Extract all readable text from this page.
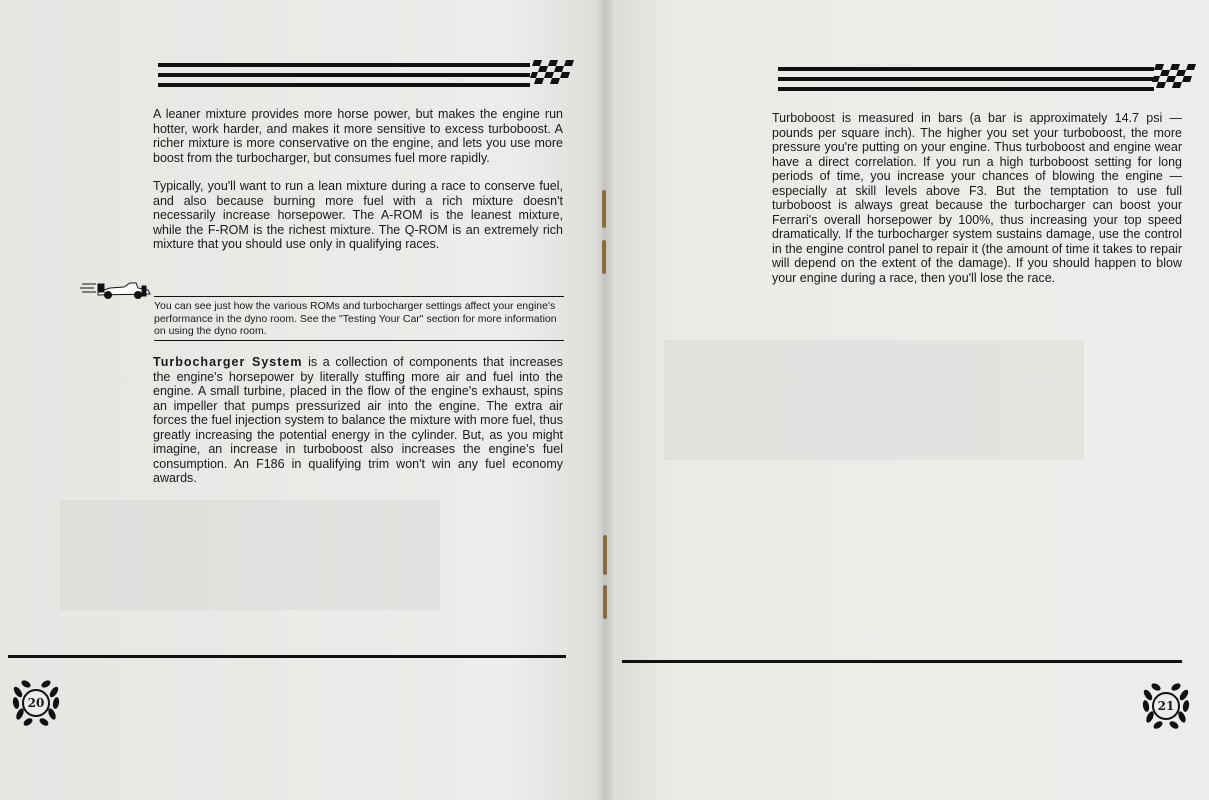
A leaner mixture provides more horse power, but makes the engine run hotter, work harder, and makes it more sensitive to excess turboboost. A richer mixture is more conservative on the engine, and lets you use more boost from the turbocharger, but consumes fuel more rapidly.

Typically, you'll want to run a lean mixture during a race to conserve fuel, and also because burning more fuel with a rich mixture doesn't necessarily increase horsepower. The A-ROM is the leanest mixture, while the F-ROM is the richest mixture. The Q-ROM is an extremely rich mixture that you should use only in qualifying races.

You can see just how the various ROMs and turbocharger settings affect your engine's performance in the dyno room. See the "Testing Your Car" section for more information on using the dyno room.

Turbocharger System is a collection of components that increases the engine's horsepower by literally stuffing more air and fuel into the engine. A small turbine, placed in the flow of the engine's exhaust, spins an impeller that pumps pressurized air into the engine. The extra air forces the fuel injection system to balance the mixture with more fuel, thus greatly increasing the potential energy in the cylinder. But, as you might imagine, an increase in turboboost also increases the engine's fuel consumption. An F186 in qualifying trim won't win any fuel economy awards.

20

Turboboost is measured in bars (a bar is approximately 14.7 psi — pounds per square inch). The higher you set your turboboost, the more pressure you're putting on your engine. Thus turboboost and engine wear have a direct correlation. If you run a high turboboost setting for long periods of time, you increase your chances of blowing the engine — especially at skill levels above F3. But the temptation to use full turboboost is always great because the turbocharger can boost your Ferrari's overall horsepower by 100%, thus increasing your top speed dramatically. If the turbocharger system sustains damage, use the control in the engine control panel to repair it (the amount of time it takes to repair will depend on the extent of the damage). If you should happen to blow your engine during a race, then you'll lose the race.

21
